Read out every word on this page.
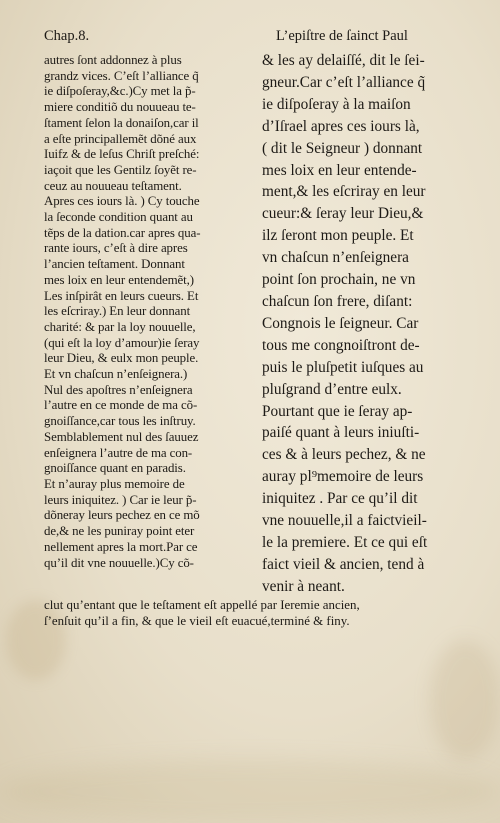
Chap.8.	L’epiſtre de ſainct Paul
autres ſont addonnez à plus
grandz vices. C’eſt l’alliance q̃
ie diſpoſeray,&c.)Cy met la p̃-
miere conditiõ du nouueau te-
ſtament ſelon la donaiſon,car il
a eſte principallemẽt dõné aux
Iuifz & de leſus Chriſt preſché:
iaçoit que les Gentilz ſoyẽt re-
ceuz au nouueau teſtament.
Apres ces iours là. ) Cy touche
la ſeconde condition quant au
tẽps de la dation.car apres qua-
rante iours, c’eſt à dire apres
l’ancien teſtament. Donnant
mes loix en leur entendemẽt,)
Les inſpirât en leurs cueurs. Et
les eſcriray.) En leur donnant
charité: & par la loy nouuelle,
(qui eſt la loy d’amour)ie ſeray
leur Dieu, & eulx mon peuple.
Et vn chaſcun n’enſeignera.)
Nul des apoſtres n’enſeignera
l’autre en ce monde de ma cõ-
gnoiſſance,car tous les inſtruy.
Semblablement nul des ſauuez
enſeignera l’autre de ma con-
gnoiſſance quant en paradis.
Et n’auray plus memoire de
leurs iniquitez. ) Car ie leur p̃-
dõneray leurs pechez en ce mõ
de,& ne les puniray point eter
nellement apres la mort.Par ce
qu’il dit vne nouuelle.)Cy cõ-
& les ay delaiſſé, dit le ſei-
gneur.Car c’eſt l’alliance q̃
ie diſpoſeray à la maiſon
d’Iſrael apres ces iours là,
( dit le Seigneur ) donnant
mes loix en leur entende-
ment,& les eſcriray en leur
cueur:& ſeray leur Dieu,&
ilz ſeront mon peuple. Et
vn chaſcun n’enſeignera
point ſon prochain, ne vn
chaſcun ſon frere, diſant:
Congnois le ſeigneur. Car
tous me congnoiſtront de-
puis le pluſpetit iuſques au
pluſgrand d’entre eulx.
Pourtant que ie ſeray ap-
paiſé quant à leurs iniuſti-
ces & à leurs pechez, & ne
auray pl⁹memoire de leurs
iniquitez . Par ce qu’il dit
vne nouuelle,il a faictvieil-
le la premiere. Et ce qui eſt
faict vieil & ancien, tend à
venir à neant.
clut qu’entant que le teſtament eſt appellé par Ieremie ancien,
ſ’enſuit qu’il a fin, & que le vieil eſt euacué,terminé & finy.
